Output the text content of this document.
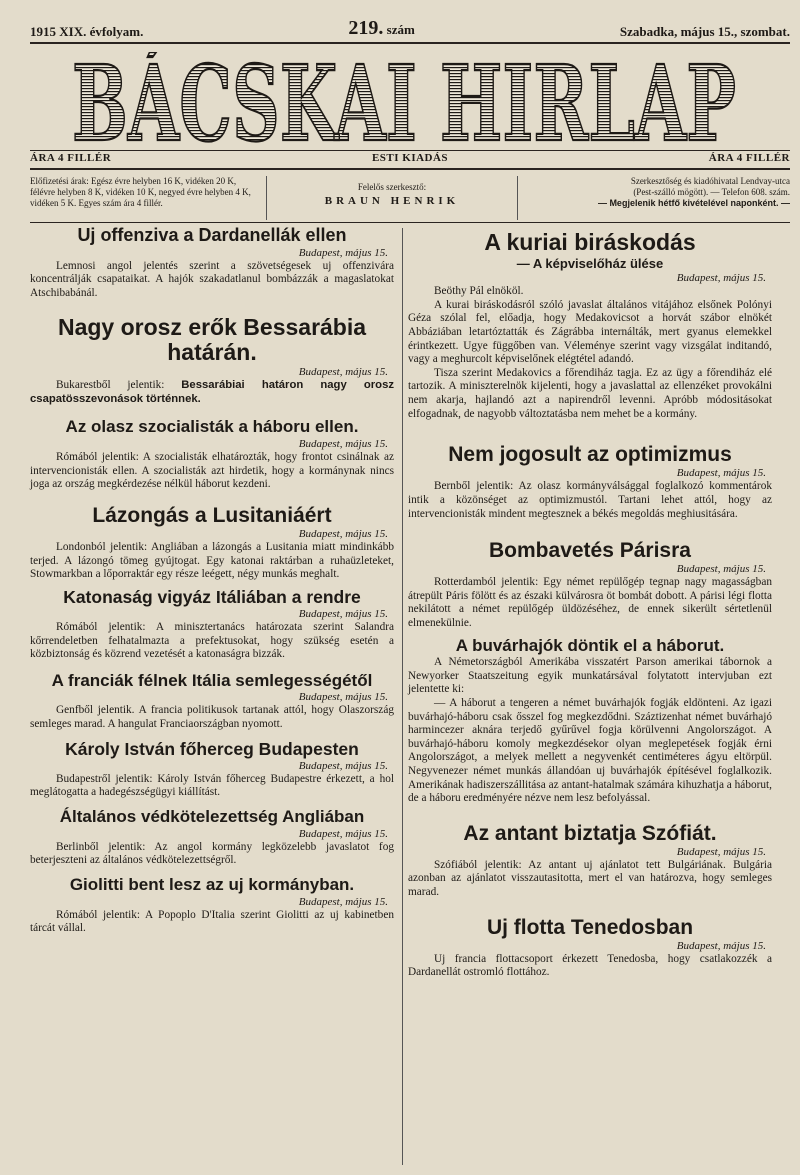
1915 XIX. évfolyam.	219. szám	Szabadka, május 15., szombat.
BÁCSKAI HIRLAP
ÁRA 4 FILLÉR	ESTI KIADÁS	ÁRA 4 FILLÉR
Előfizetési árak: Egész évre helyben 16 K, vidéken 20 K, félévre helyben 8 K, vidéken 10 K, negyed évre helyben 4 K, vidéken 5 K. Egyes szám ára 4 fillér.
Felelős szerkesztő:
BRAUN HENRIK
Szerkesztőség és kiadóhivatal Lendvay-utca
(Pest-szálló mögött). — Telefon 608. szám.
— Megjelenik hétfő kivételével naponként. —
Uj offenziva a Dardanellák ellen
Budapest, május 15.

Lemnosi angol jelentés szerint a szövetségesek uj offenzivára koncentrálják csapataikat. A hajók szakadatlanul bombázzák a magaslatokat Atschibabánál.

Nagy orosz erők Bessarábia határán.
Budapest, május 15.

Bukarestből jelentik: Bessarábiai határon nagy orosz csapatösszevonások történnek.

Az olasz szocialisták a háboru ellen.
Budapest, május 15.

Rómából jelentik: A szocialisták elhatározták, hogy frontot csinálnak az intervencionisták ellen. A szocialisták azt hirdetik, hogy a kormánynak nincs joga az ország megkérdezése nélkül háborut kezdeni.

Lázongás a Lusitaniáért
Budapest, május 15.

Londonból jelentik: Angliában a lázongás a Lusitania miatt mindinkább terjed. A lázongó tömeg gyújtogat. Egy katonai raktárban a ruhaüzleteket, Stowmarkban a lőporraktár egy része leégett, négy munkás meghalt.

Katonaság vigyáz Itáliában a rendre
Budapest, május 15.

Rómából jelentik: A minisztertanács határozata szerint Salandra kőrrendeletben felhatalmazta a prefektusokat, hogy szükség esetén a közbiztonság és közrend vezetését a katonaságra bizzák.

A franciák félnek Itália semlegességétől
Budapest, május 15.

Genfből jelentik. A francia politikusok tartanak attól, hogy Olaszország semleges marad. A hangulat Franciaországban nyomott.

Károly István főherceg Budapesten
Budapest, május 15.

Budapestről jelentik: Károly István főherceg Budapestre érkezett, a hol meglátogatta a hadegészségügyi kiállítást.

Általános védkötelezettség Angliában
Budapest, május 15.

Berlinből jelentik: Az angol kormány legközelebb javaslatot fog beterjeszteni az általános védkötelezettségről.

Giolitti bent lesz az uj kormányban.
Budapest, május 15.

Rómából jelentik: A Popoplo D'Italia szerint Giolitti az uj kabinetben tárcát vállal.

A kuriai biráskodás
— A képviselőház ülése
Budapest, május 15.

Beöthy Pál elnököl.

A kurai biráskodásról szóló javaslat általános vitájához elsőnek Polónyi Géza szólal fel, előadja, hogy Medakovicsot a horvát szábor elnökét Abbáziában letartóztatták és Zágrábba internálták, mert gyanus elemekkel érintkezett. Ugye függőben van. Véleménye szerint vagy vizsgálat inditandó, vagy a meghurcolt képviselőnek elégtétel adandó.

Tisza szerint Medakovics a főrendiház tagja. Ez az ügy a főrendiház elé tartozik. A miniszterelnök kijelenti, hogy a javaslattal az ellenzéket provokálni nem akarja, hajlandó azt a napirendről levenni. Apróbb módositásokat elfogadnak, de nagyobb változtatásba nem mehet be a kormány.

Nem jogosult az optimizmus
Budapest, május 15.

Bernből jelentik: Az olasz kormányválsággal foglalkozó kommentárok intik a közönséget az optimizmustól. Tartani lehet attól, hogy az intervencionisták mindent megtesznek a békés megoldás meghiusitására.

Bombavetés Párisra
Budapest, május 15.

Rotterdamból jelentik: Egy német repülőgép tegnap nagy magasságban átrepült Páris fölött és az északi külvárosra öt bombát dobott. A párisi légi flotta nekilátott a német repülőgép üldözéséhez, de ennek sikerült sértetlenül elmenekülnie.

A buvárhajók döntik el a háborut.

A Németországból Amerikába visszatért Parson amerikai tábornok a Newyorker Staatszeitung egyik munkatársával folytatott intervjuban ezt jelentette ki:

— A háborut a tengeren a német buvárhajók fogják eldönteni. Az igazi buvárhajó-háboru csak ősszel fog megkezdődni. Száztizenhat német buvárhajó harmincezer aknára terjedő gyűrűvel fogja körülvenni Angolországot. A buvárhajó-háboru komoly megkezdésekor olyan meglepetések fogják érni Angolországot, a melyek mellett a negyvenkét centiméteres ágyu eltörpül. Negyvenezer német munkás állandóan uj buvárhajók építésével foglalkozik. Amerikának hadiszerszállitása az antant-hatalmak számára kihuzhatja a háborut, de a háboru eredményére nézve nem lesz befolyással.

Az antant biztatja Szófiát.
Budapest, május 15.

Szófiából jelentik: Az antant uj ajánlatot tett Bulgáriának. Bulgária azonban az ajánlatot visszautasitotta, mert el van határozva, hogy semleges marad.

Uj flotta Tenedosban
Budapest, május 15.

Uj francia flottacsoport érkezett Tenedosba, hogy csatlakozzék a Dardanellát ostromló flottához.
